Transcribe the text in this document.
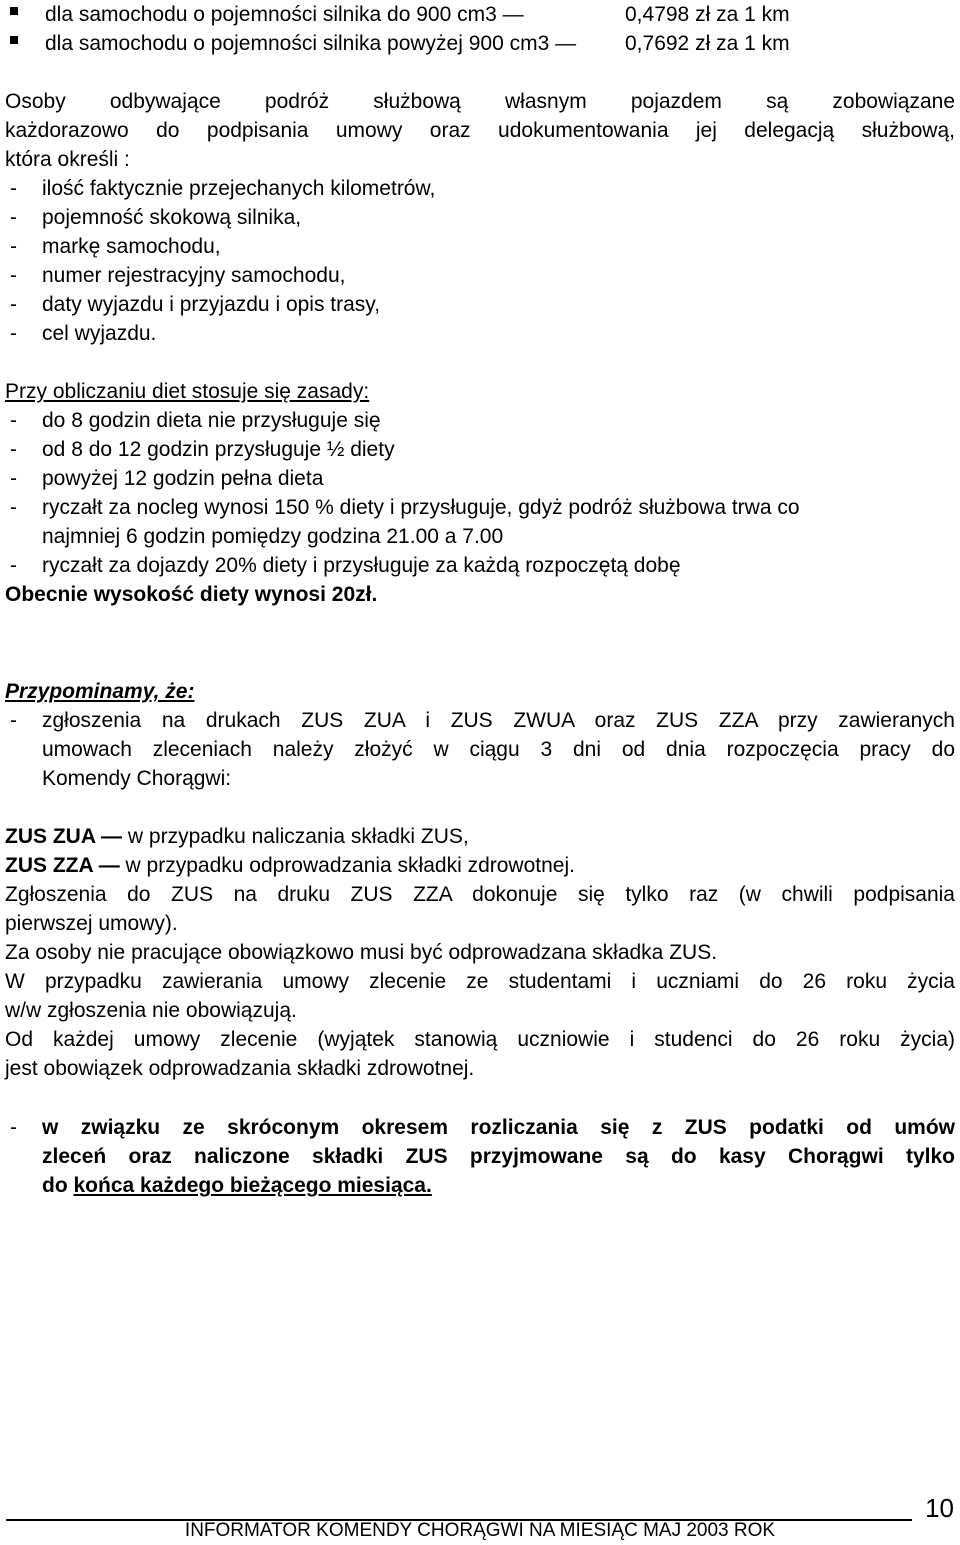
dla samochodu o pojemności silnika do 900 cm3 —	0,4798 zł za 1 km
dla samochodu o pojemności silnika powyżej 900 cm3 — 0,7692 zł za 1 km
Osoby odbywające podróż służbową własnym pojazdem są zobowiązane
każdorazowo do podpisania umowy oraz udokumentowania jej delegacją służbową,
która określi :
- ilość faktycznie przejechanych kilometrów,
- pojemność skokową silnika,
- markę samochodu,
- numer rejestracyjny samochodu,
- daty wyjazdu i przyjazdu i opis trasy,
- cel wyjazdu.
Przy obliczaniu diet stosuje się zasady:
- do 8 godzin dieta nie przysługuje się
- od 8 do 12 godzin przysługuje ½ diety
- powyżej 12 godzin pełna dieta
- ryczałt za nocleg wynosi 150 % diety i przysługuje, gdyż podróż służbowa trwa co
najmniej 6 godzin pomiędzy godzina 21.00 a 7.00
- ryczałt za dojazdy 20% diety i przysługuje za każdą rozpoczętą dobę
Obecnie wysokość diety wynosi 20zł.
Przypominamy, że:
- zgłoszenia na drukach ZUS ZUA i ZUS ZWUA oraz ZUS ZZA przy zawieranych
umowach zleceniach należy złożyć w ciągu 3 dni od dnia rozpoczęcia pracy do
Komendy Chorągwi:
ZUS ZUA — w przypadku naliczania składki ZUS,
ZUS ZZA — w przypadku odprowadzania składki zdrowotnej.
Zgłoszenia do ZUS na druku ZUS ZZA dokonuje się tylko raz (w chwili podpisania
pierwszej umowy).
Za osoby nie pracujące obowiązkowo musi być odprowadzana składka ZUS.
W przypadku zawierania umowy zlecenie ze studentami i uczniami do 26 roku życia
w/w zgłoszenia nie obowiązują.
Od każdej umowy zlecenie (wyjątek stanowią uczniowie i studenci do 26 roku życia)
jest obowiązek odprowadzania składki zdrowotnej.
- w związku ze skróconym okresem rozliczania się z ZUS podatki od umów
zleceń oraz naliczone składki ZUS przyjmowane są do kasy Chorągwi tylko
do końca każdego bieżącego miesiąca.
10
INFORMATOR KOMENDY CHORĄGWI NA MIESIĄC MAJ 2003 ROK
